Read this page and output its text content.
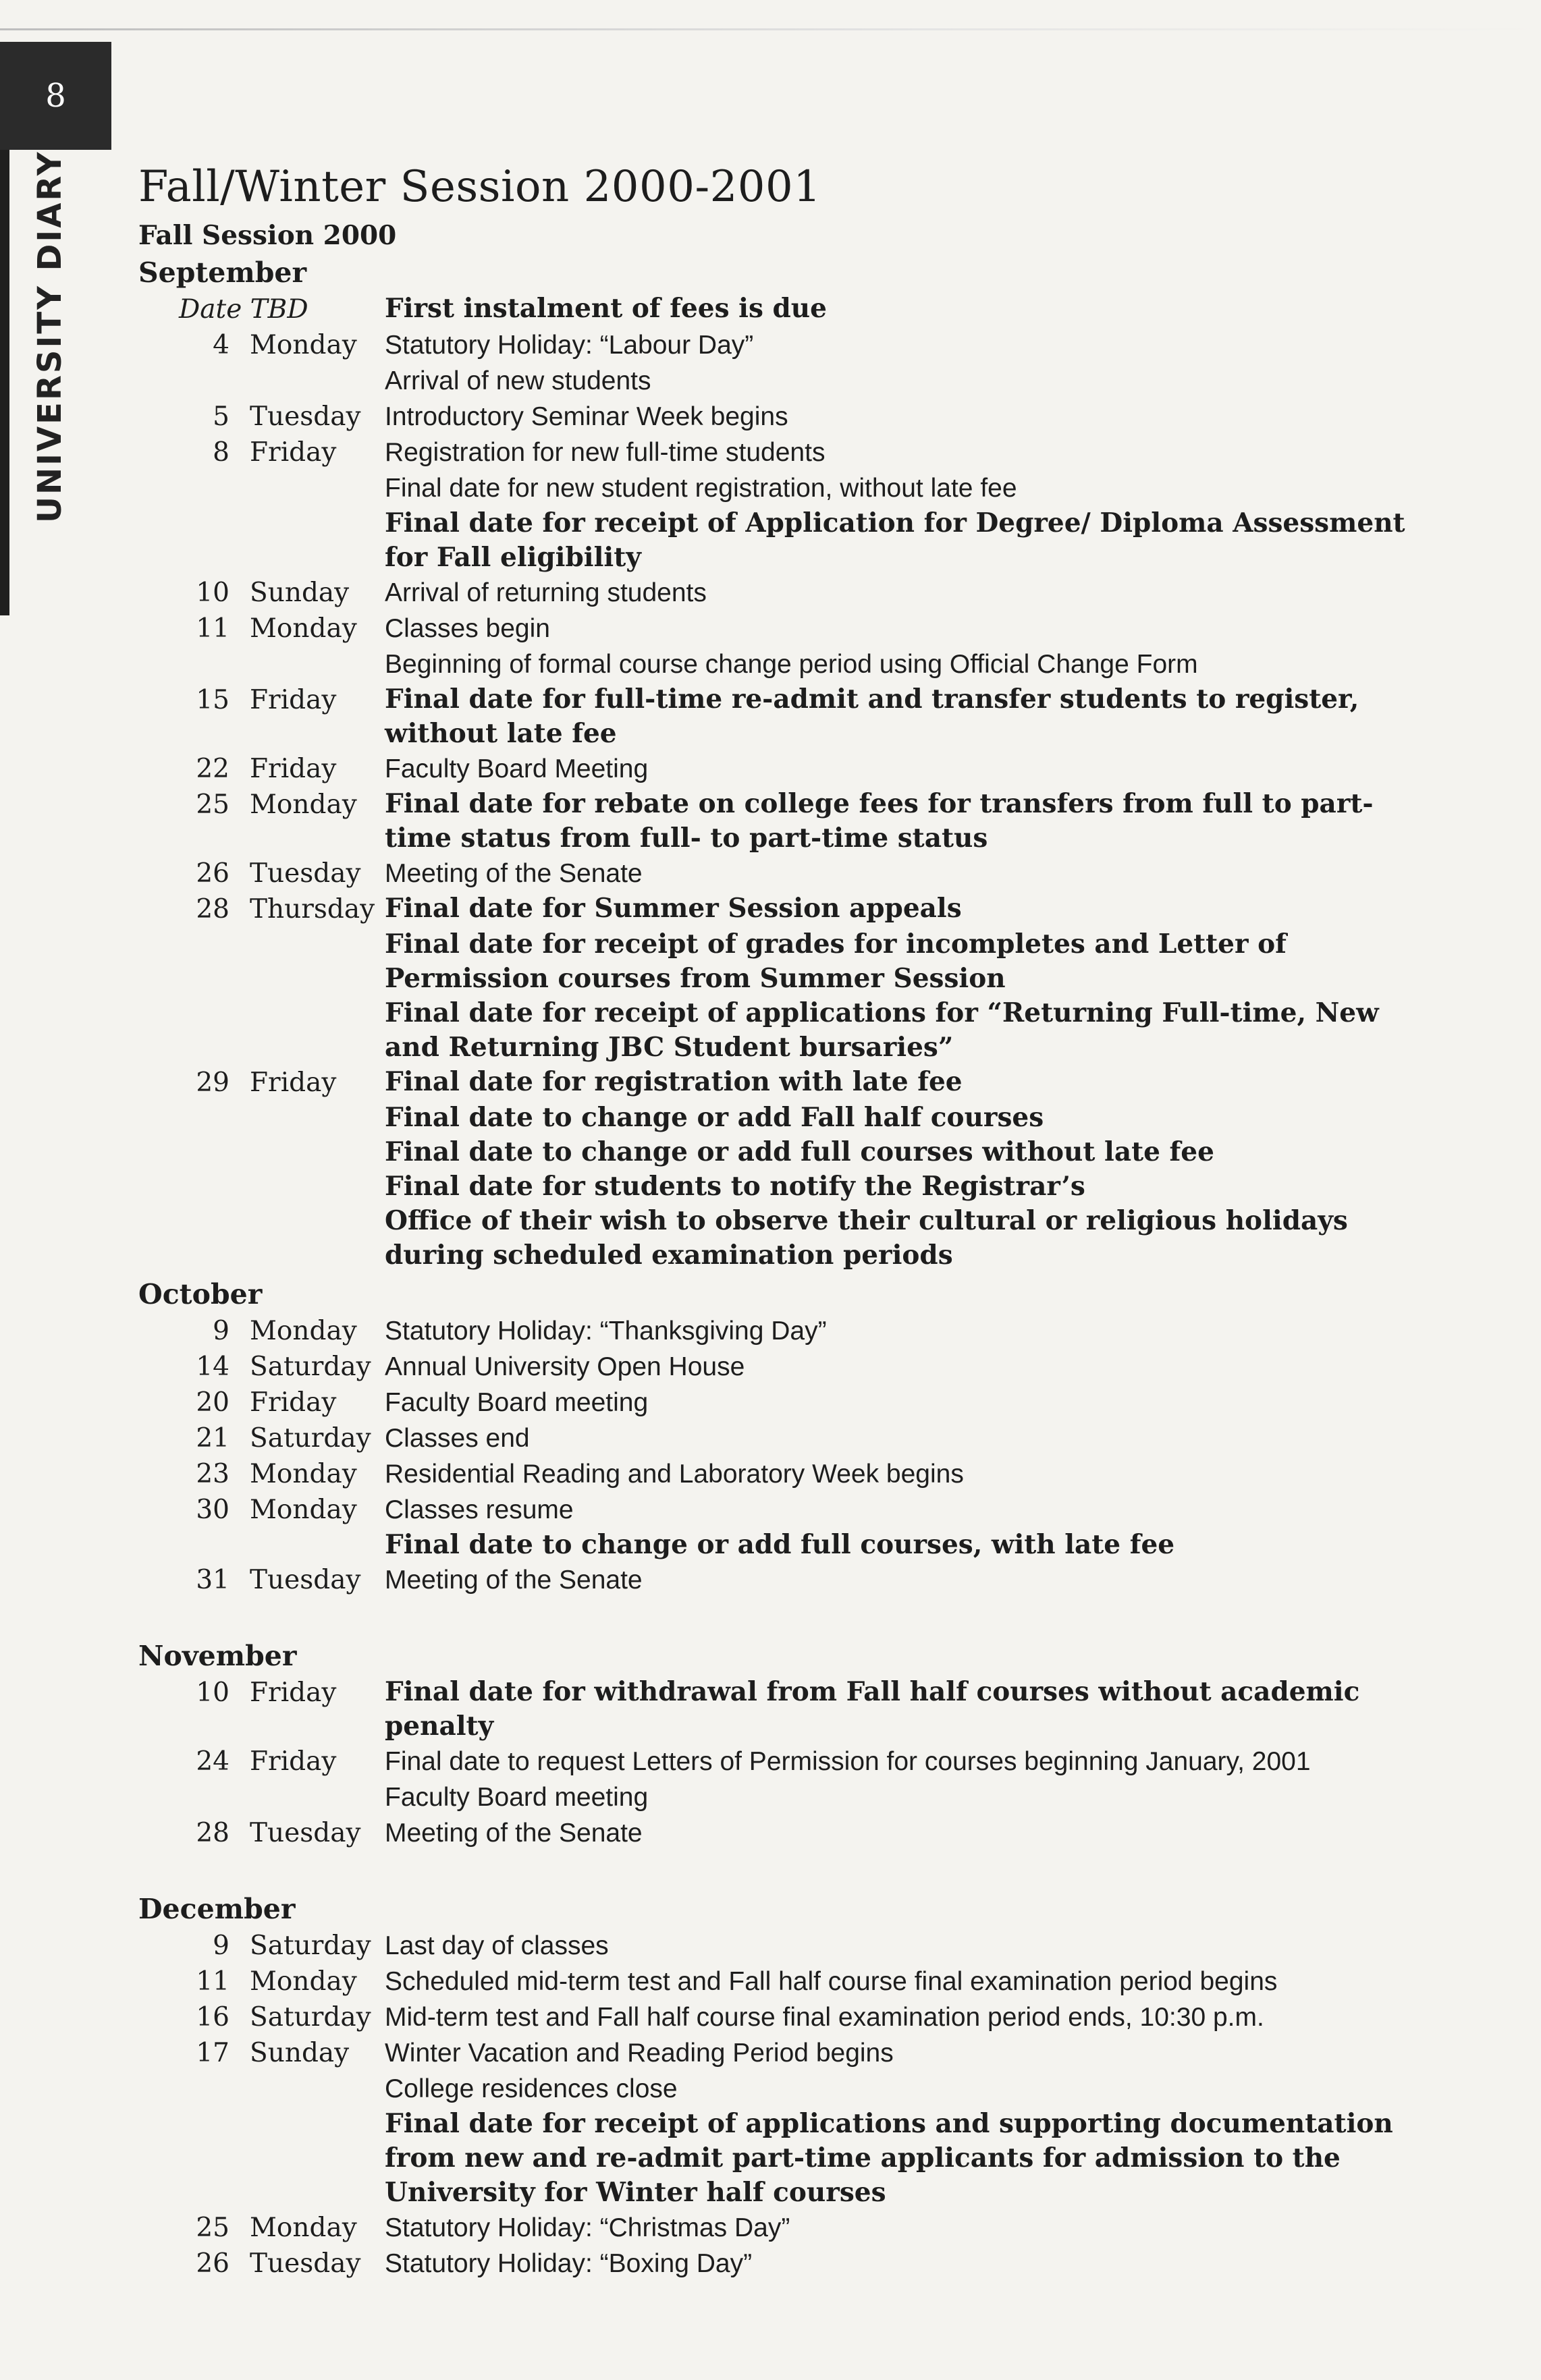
8
UNIVERSITY DIARY Fall/Winter Session 2000-2001
Fall Session 2000
September
Date TBD	First instalment of fees is due
4 Monday	Statutory Holiday: “Labour Day”
Arrival of new students
5 Tuesday Introductory Seminar Week begins
8 Friday	Registration for new full-time students
Final date for new student registration, without late fee
Final date for receipt of Application for Degree/ Diploma Assessment for Fall eligibility
10 Sunday	Arrival of returning students
11 Monday	Classes begin
Beginning of formal course change period using Official Change Form
15 Friday	Final date for full-time re-admit and transfer students to register, without late fee
22 Friday	Faculty Board Meeting
25 Monday	Final date for rebate on college fees for transfers from full to part-time status from full- to part-time status
26 Tuesday Meeting of the Senate
28 Thursday Final date for Summer Session appeals
Final date for receipt of grades for incompletes and Letter of Permission courses from Summer Session
Final date for receipt of applications for “Returning Full-time, New and Returning JBC Student bursaries”
29 Friday	Final date for registration with late fee
Final date to change or add Fall half courses
Final date to change or add full courses without late fee
Final date for students to notify the Registrar’s
Office of their wish to observe their cultural or religious holidays during scheduled examination periods
October
9 Monday	Statutory Holiday: “Thanksgiving Day”
14 Saturday Annual University Open House
20 Friday	Faculty Board meeting
21 Saturday Classes end
23 Monday	Residential Reading and Laboratory Week begins
30 Monday	Classes resume
Final date to change or add full courses, with late fee
31 Tuesday Meeting of the Senate
November
10 Friday	Final date for withdrawal from Fall half courses without academic penalty
24 Friday	Final date to request Letters of Permission for courses beginning January, 2001
Faculty Board meeting
28 Tuesday Meeting of the Senate
December
9 Saturday Last day of classes
11 Monday	Scheduled mid-term test and Fall half course final examination period begins
16 Saturday Mid-term test and Fall half course final examination period ends, 10:30 p.m.
17 Sunday	Winter Vacation and Reading Period begins
College residences close
Final date for receipt of applications and supporting documentation from new and re-admit part-time applicants for admission to the University for Winter half courses
25 Monday	Statutory Holiday: “Christmas Day”
26 Tuesday Statutory Holiday: “Boxing Day”
